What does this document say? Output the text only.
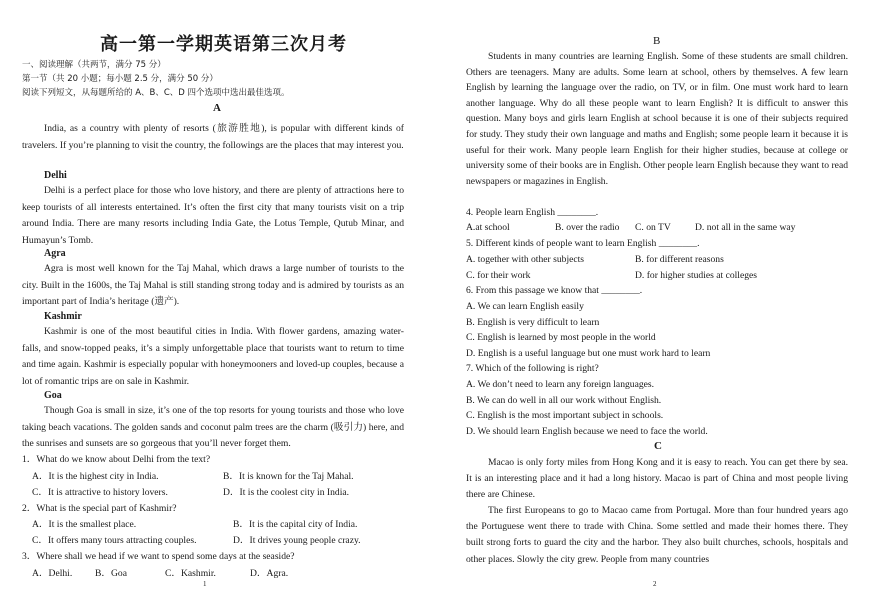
高一第一学期英语第三次月考
一、阅读理解（共两节，满分 75 分）
第一节（共 20 小题；每小题 2.5 分，满分 50 分）
阅读下列短文，从每题所给的 A、B、C、D 四个选项中选出最佳选项。
A
India, as a country with plenty of resorts (旅游胜地), is popular with different kinds of travelers. If you’re planning to visit the country, the followings are the places that may interest you.
Delhi
Delhi is a perfect place for those who love history, and there are plenty of attractions here to keep tourists of all interests entertained. It’s often the first city that many tourists visit on a trip around India. There are many resorts including India Gate, the Lotus Temple, Qutub Minar, and Humayun’s Tomb.
Agra
Agra is most well known for the Taj Mahal, which draws a large number of tourists to the city. Built in the 1600s, the Taj Mahal is still standing strong today and is admired by tourists as an important part of India’s heritage (遗产).
Kashmir
Kashmir is one of the most beautiful cities in India. With flower gardens, amazing water-falls, and snow-topped peaks, it’s a simply unforgettable place that tourists want to return to time and time again. Kashmir is especially popular with honeymooners and loved-up couples, because a lot of romantic trips are on sale in Kashmir.
Goa
Though Goa is small in size, it’s one of the top resorts for young tourists and those who love taking beach vacations. The golden sands and coconut palm trees are the charm (吸引力) here, and the sunrises and sunsets are so gorgeous that you’ll never forget them.
1．What do we know about Delhi from the text?
A．It is the highest city in India.	B．It is known for the Taj Mahal.
C．It is attractive to history lovers.	D．It is the coolest city in India.
2．What is the special part of Kashmir?
A．It is the smallest place.	B．It is the capital city of India.
C．It offers many tours attracting couples.	D．It drives young people crazy.
3．Where shall we head if we want to spend some days at the seaside?
A．Delhi. B．Goa	C．Kashmir.	D．Agra.
1
B
Students in many countries are learning English. Some of these students are small children. Others are teenagers. Many are adults. Some learn at school, others by themselves. A few learn English by learning the language over the radio, on TV, or in film. One must work hard to learn another language. Why do all these people want to learn English? It is difficult to answer this question. Many boys and girls learn English at school because it is one of their subjects required for study. They study their own language and maths and English; some people learn it because it is useful for their work. Many people learn English for their higher studies, because at college or university some of their books are in English. Other people learn English because they want to read newspapers or magazines in English.
4. People learn English ________.
A.at school	B. over the radio C. on TV	D. not all in the same way
5. Different kinds of people want to learn English ________.
A. together with other subjects	B. for different reasons
C. for their work	D. for higher studies at colleges
6. From this passage we know that ________.
A. We can learn English easily
B. English is very difficult to learn
C. English is learned by most people in the world
D. English is a useful language but one must work hard to learn
7. Which of the following is right?
A. We don’t need to learn any foreign languages.
B. We can do well in all our work without English.
C. English is the most important subject in schools.
D. We should learn English because we need to face the world.
C
Macao is only forty miles from Hong Kong and it is easy to reach. You can get there by sea. It is an interesting place and it had a long history. Macao is part of China and most people living there are Chinese.
The first Europeans to go to Macao came from Portugal. More than four hundred years ago the Portuguese went there to trade with China. Some settled and made their homes there. They built strong forts to guard the city and the harbor. They also built churches, schools, hospitals and other places. Slowly the city grew. People from many countries
2
